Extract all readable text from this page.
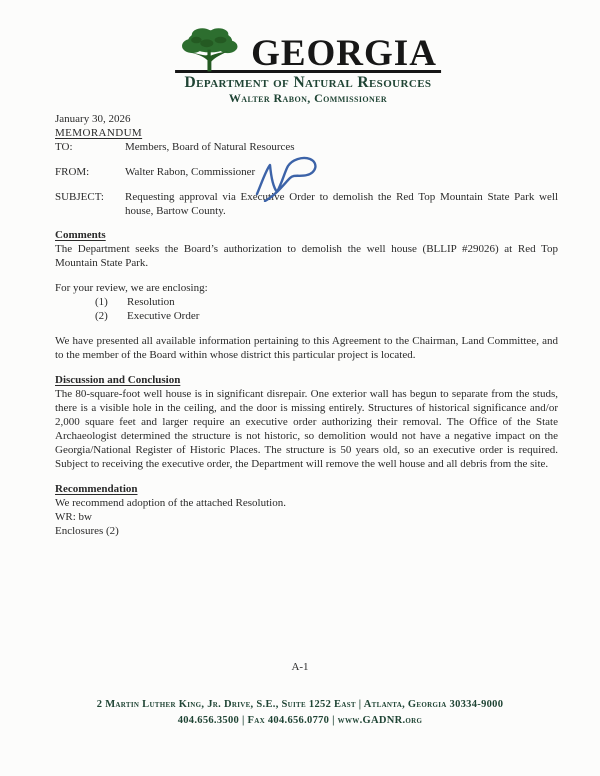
GEORGIA
Department of Natural Resources
Walter Rabon, Commissioner

January 30, 2026

MEMORANDUM

TO:	Members, Board of Natural Resources
FROM:	Walter Rabon, Commissioner
SUBJECT:	Requesting approval via Executive Order to demolish the Red Top Mountain State Park well house, Bartow County.

Comments

The Department seeks the Board’s authorization to demolish the well house (BLLIP #29026) at Red Top Mountain State Park.

For your review, we are enclosing:

(1)	Resolution
(2)	Executive Order

We have presented all available information pertaining to this Agreement to the Chairman, Land Committee, and to the member of the Board within whose district this particular project is located.

Discussion and Conclusion

The 80-square-foot well house is in significant disrepair. One exterior wall has begun to separate from the studs, there is a visible hole in the ceiling, and the door is missing entirely. Structures of historical significance and/or 2,000 square feet and larger require an executive order authorizing their removal. The Office of the State Archaeologist determined the structure is not historic, so demolition would not have a negative impact on the Georgia/National Register of Historic Places. The structure is 50 years old, so an executive order is required. Subject to receiving the executive order, the Department will remove the well house and all debris from the site.

Recommendation

We recommend adoption of the attached Resolution.

WR: bw

Enclosures (2)

A-1
2 Martin Luther King, Jr. Drive, S.E., Suite 1252 East | Atlanta, Georgia 30334-9000
404.656.3500 | Fax 404.656.0770 | www.GADNR.org
